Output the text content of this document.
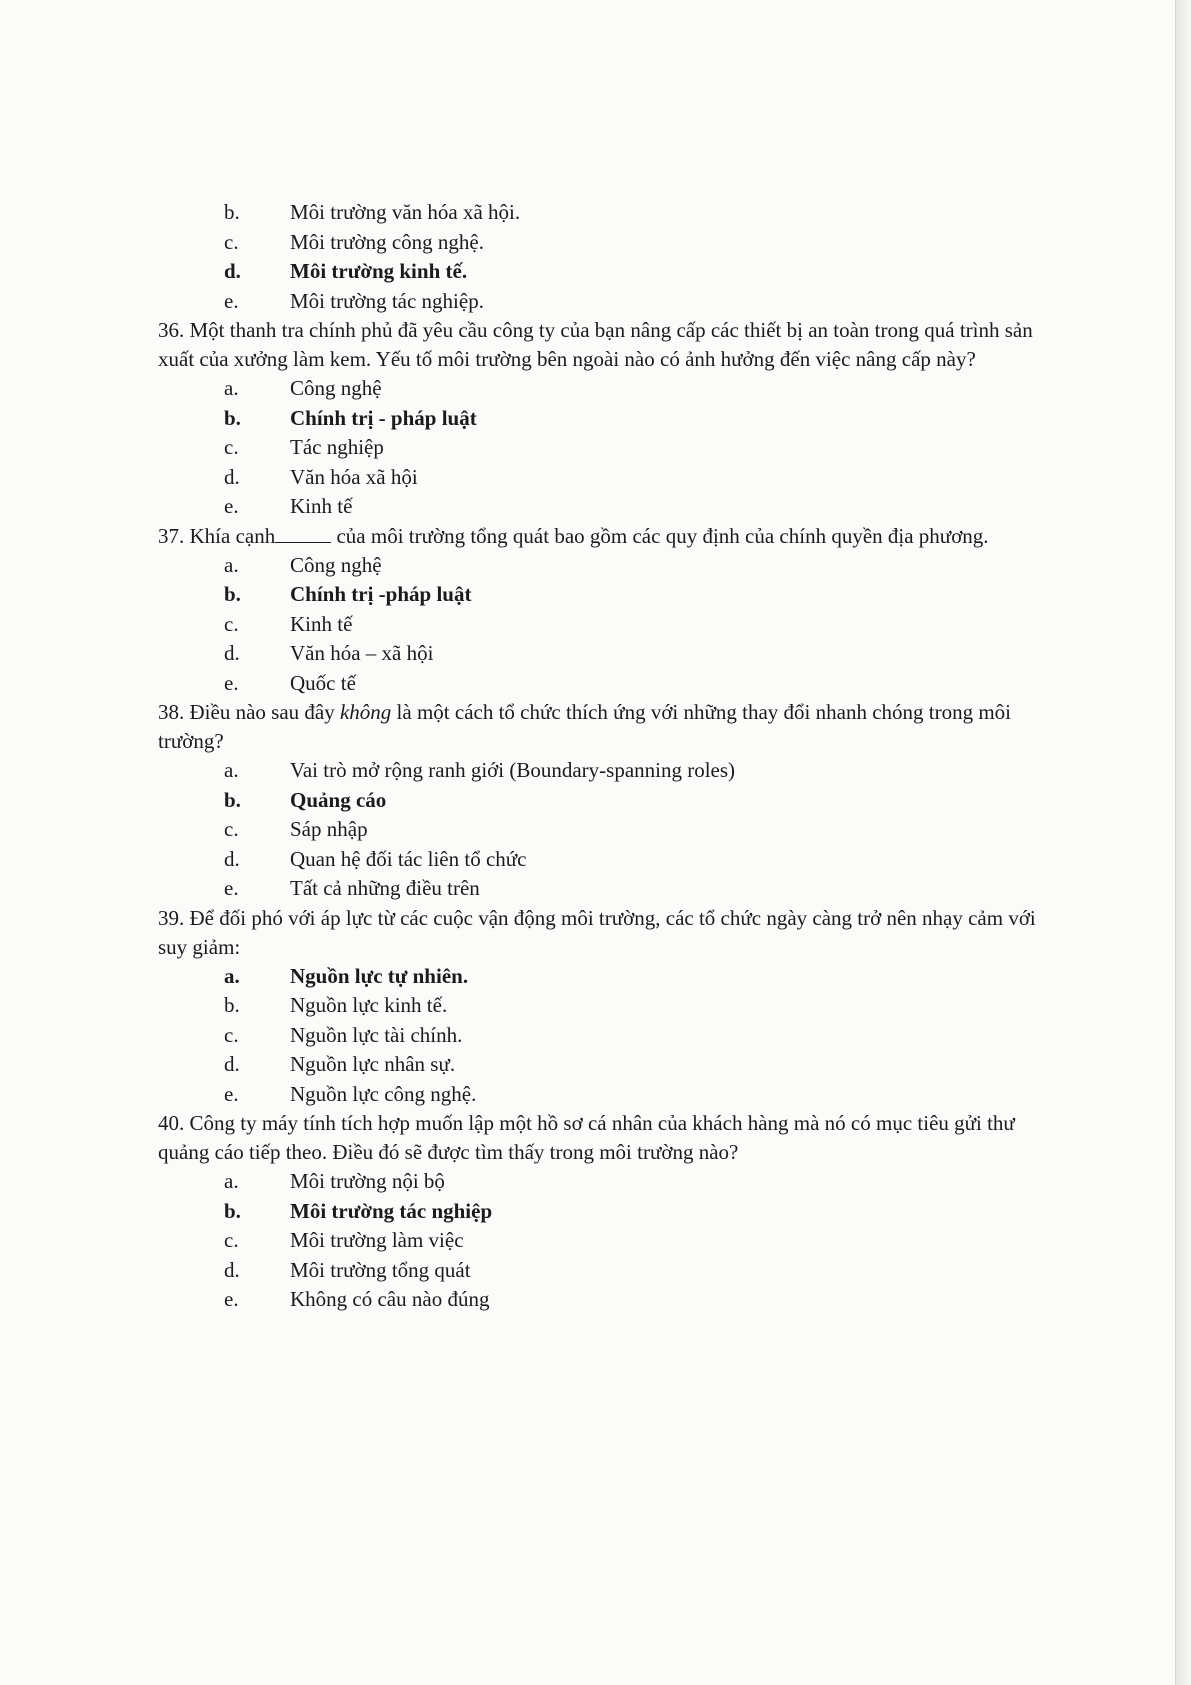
b.	Môi trường văn hóa xã hội.
c.	Môi trường công nghệ.
d.	Môi trường kinh tế.
e.	Môi trường tác nghiệp.

36. Một thanh tra chính phủ đã yêu cầu công ty của bạn nâng cấp các thiết bị an toàn trong quá trình sản xuất của xưởng làm kem. Yếu tố môi trường bên ngoài nào có ảnh hưởng đến việc nâng cấp này?

a.	Công nghệ
b.	Chính trị - pháp luật
c.	Tác nghiệp
d.	Văn hóa xã hội
e.	Kinh tế

37. Khía cạnh	của môi trường tổng quát bao gồm các quy định của chính quyền địa phương.

a.	Công nghệ
b.	Chính trị -pháp luật
c.	Kinh tế
d.	Văn hóa – xã hội
e.	Quốc tế

38. Điều nào sau đây không là một cách tổ chức thích ứng với những thay đổi nhanh chóng trong môi trường?

a.	Vai trò mở rộng ranh giới (Boundary-spanning roles)
b.	Quảng cáo
c.	Sáp nhập
d.	Quan hệ đối tác liên tổ chức
e.	Tất cả những điều trên

39. Để đối phó với áp lực từ các cuộc vận động môi trường, các tổ chức ngày càng trở nên nhạy cảm với suy giảm:

a.	Nguồn lực tự nhiên.
b.	Nguồn lực kinh tế.
c.	Nguồn lực tài chính.
d.	Nguồn lực nhân sự.
e.	Nguồn lực công nghệ.

40. Công ty máy tính tích hợp muốn lập một hồ sơ cá nhân của khách hàng mà nó có mục tiêu gửi thư quảng cáo tiếp theo. Điều đó sẽ được tìm thấy trong môi trường nào?

a.	Môi trường nội bộ
b.	Môi trường tác nghiệp
c.	Môi trường làm việc
d.	Môi trường tổng quát
e.	Không có câu nào đúng
